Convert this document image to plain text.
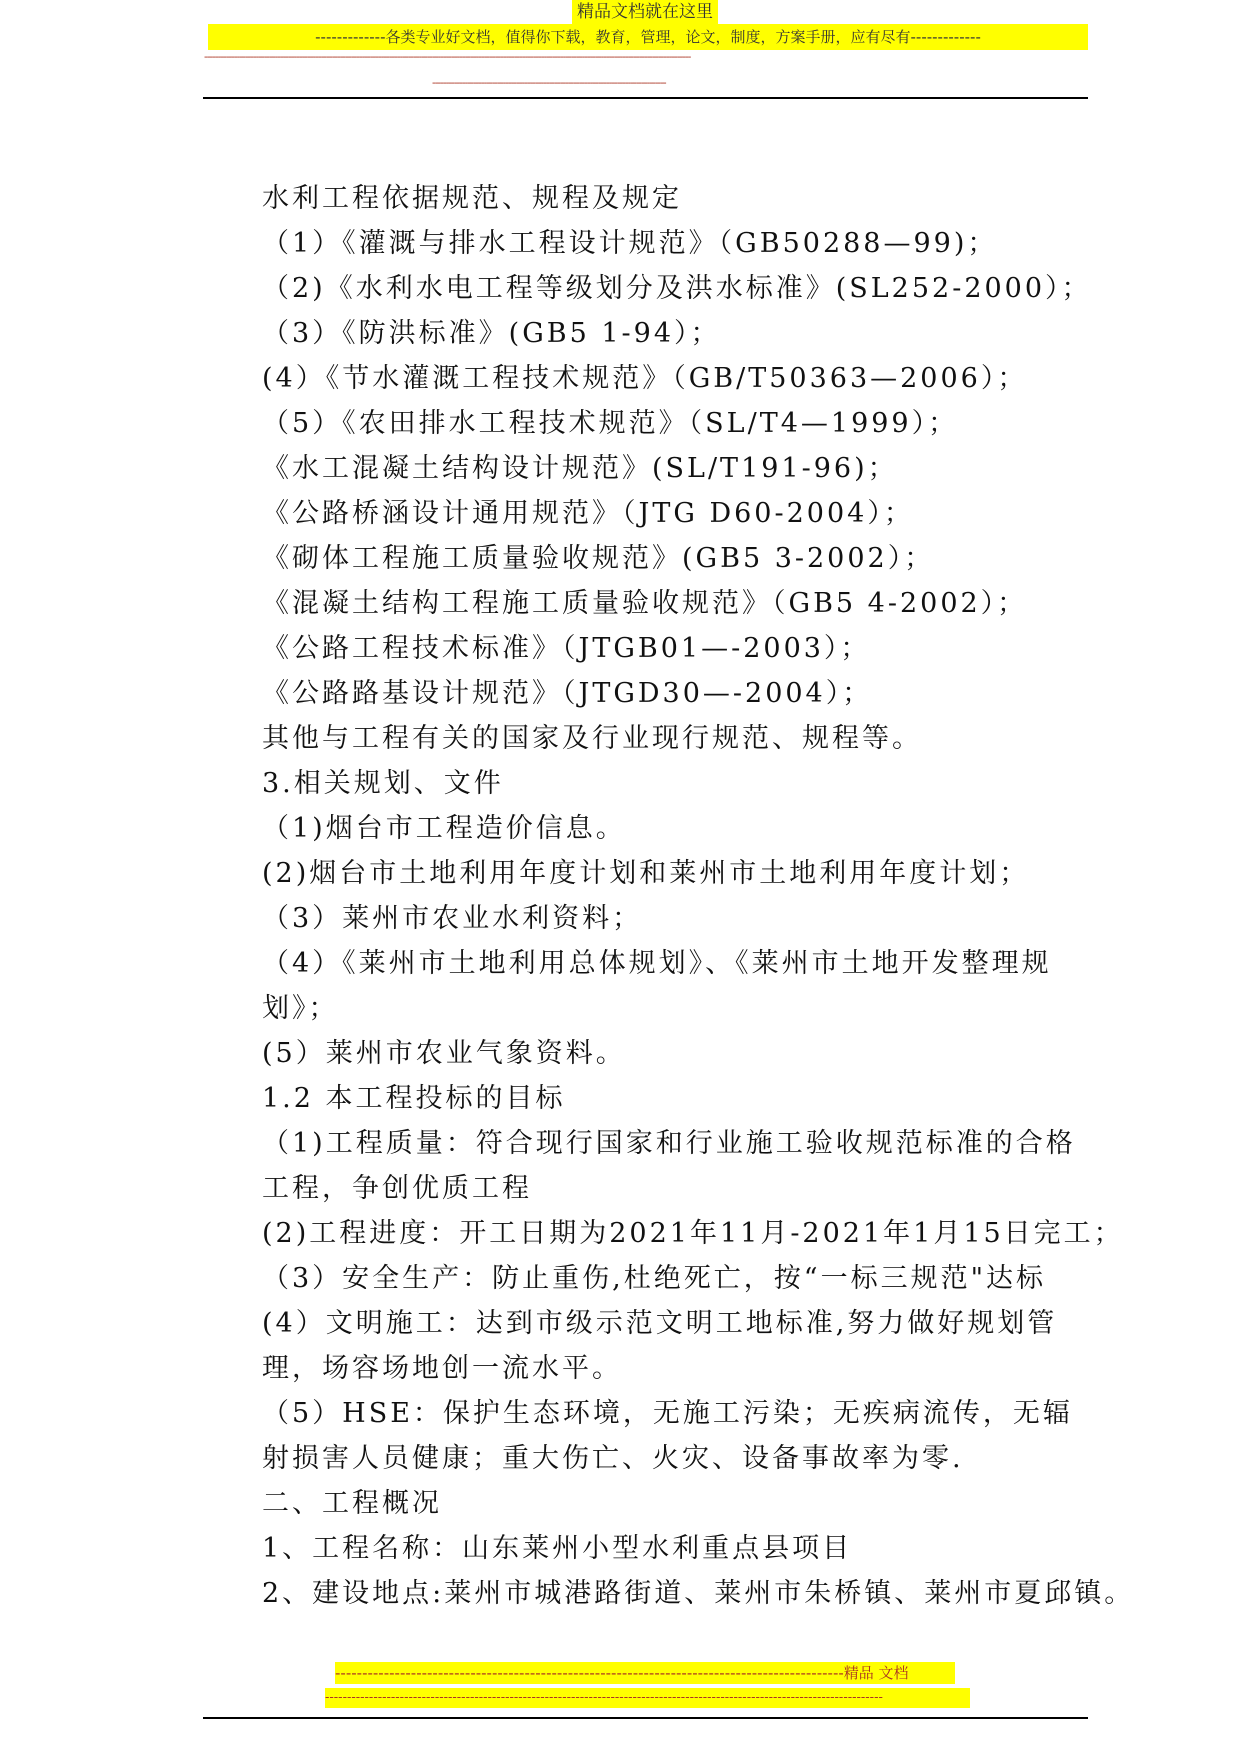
精品文档就在这里
-------------各类专业好文档，值得你下载，教育，管理，论文，制度，方案手册，应有尽有-------------
-----------------------------------------------------------------------------------------------------------------------------------------------------------------------------------
--------------------------------------------------------------------------------------
水利工程依据规范、规程及规定
（1）《灌溉与排水工程设计规范》（GB50288—99)；
（2)《水利水电工程等级划分及洪水标准》(SL252-2000）；
（3）《防洪标准》(GB5 1-94）；
(4）《节水灌溉工程技术规范》（GB/T50363—2006）；
（5）《农田排水工程技术规范》（SL/T4—1999）；
《水工混凝土结构设计规范》(SL/T191-96)；
《公路桥涵设计通用规范》（JTG D60-2004）；
《砌体工程施工质量验收规范》(GB5 3-2002）；
《混凝土结构工程施工质量验收规范》（GB5 4-2002）；
《公路工程技术标准》（JTGB01—-2003）；
《公路路基设计规范》（JTGD30—-2004）；
其他与工程有关的国家及行业现行规范、规程等。
3.相关规划、文件
（1)烟台市工程造价信息。
(2)烟台市土地利用年度计划和莱州市土地利用年度计划；
（3）莱州市农业水利资料；
（4）《莱州市土地利用总体规划》、《莱州市土地开发整理规划》；
(5）莱州市农业气象资料。
1.2 本工程投标的目标
（1)工程质量：符合现行国家和行业施工验收规范标准的合格工程，争创优质工程
(2)工程进度：开工日期为2021年11月-2021年1月15日完工；
（3）安全生产：防止重伤,杜绝死亡，按“一标三规范"达标
(4）文明施工：达到市级示范文明工地标准,努力做好规划管理，场容场地创一流水平。
（5）HSE：保护生态环境，无施工污染；无疾病流传，无辐射损害人员健康；重大伤亡、火灾、设备事故率为零.
二、工程概况
1、工程名称：山东莱州小型水利重点县项目
2、建设地点:莱州市城港路街道、莱州市朱桥镇、莱州市夏邱镇。
----------------------------------------------------------------------------------------------精品 文档
-------------------------------------------------------------------------------------------------------------------------------
